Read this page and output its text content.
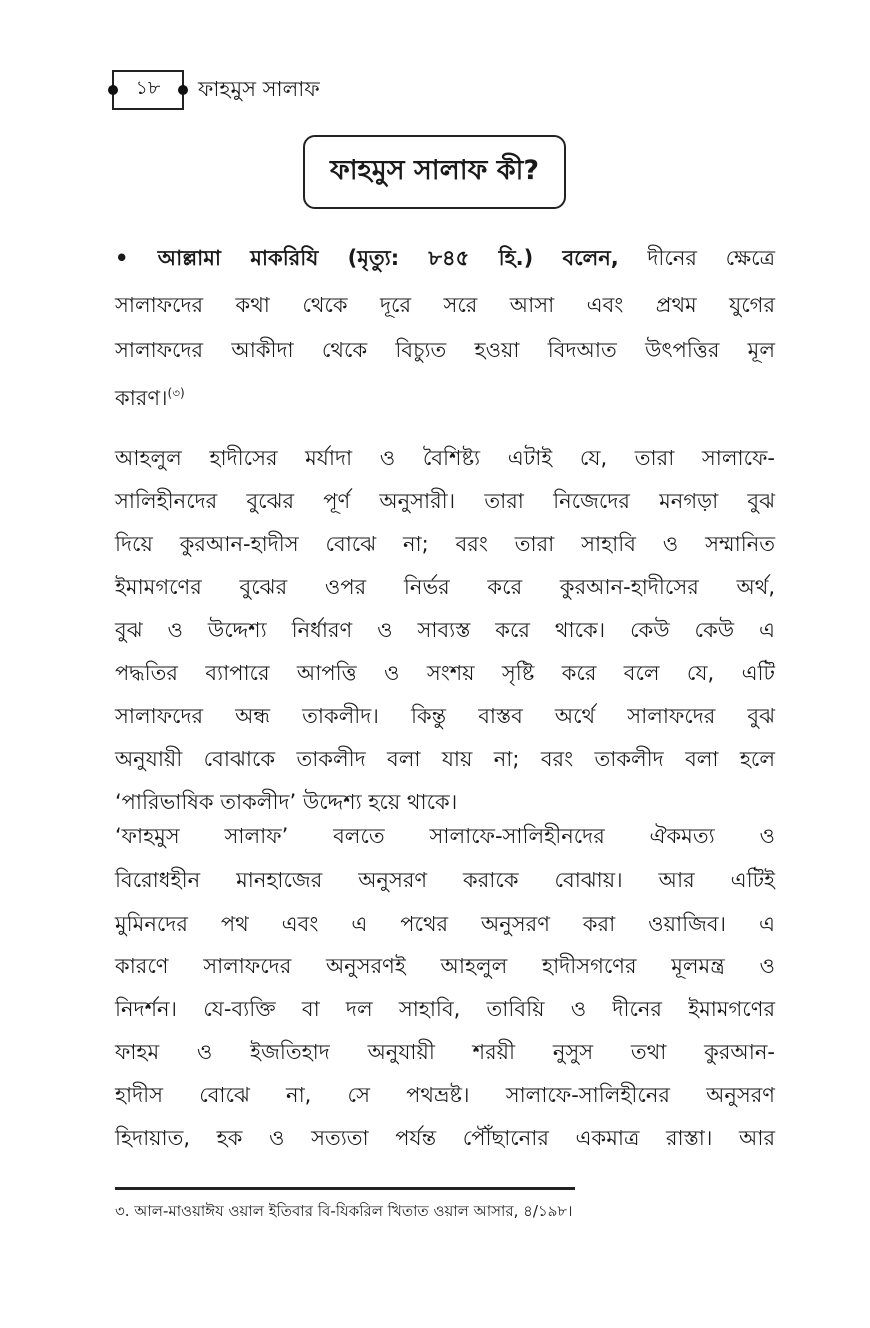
১৮ ফাহমুস সালাফ
ফাহমুস সালাফ কী?
• আল্লামা মাকরিযি (মৃত্যু: ৮৪৫ হি.) বলেন, দীনের ক্ষেত্রে
সালাফদের কথা থেকে দূরে সরে আসা এবং প্রথম যুগের
সালাফদের আকীদা থেকে বিচ্যুত হওয়া বিদআত উৎপত্তির মূল
কারণ।$^{(৩)}$
আহলুল হাদীসের মর্যাদা ও বৈশিষ্ট্য এটাই যে, তারা সালাফে-
সালিহীনদের বুঝের পূর্ণ অনুসারী। তারা নিজেদের মনগড়া বুঝ
দিয়ে কুরআন-হাদীস বোঝে না; বরং তারা সাহাবি ও সম্মানিত
ইমামগণের বুঝের ওপর নির্ভর করে কুরআন-হাদীসের অর্থ,
বুঝ ও উদ্দেশ্য নির্ধারণ ও সাব্যস্ত করে থাকে। কেউ কেউ এ
পদ্ধতির ব্যাপারে আপত্তি ও সংশয় সৃষ্টি করে বলে যে, এটি
সালাফদের অন্ধ তাকলীদ। কিন্তু বাস্তব অর্থে সালাফদের বুঝ
অনুযায়ী বোঝাকে তাকলীদ বলা যায় না; বরং তাকলীদ বলা হলে
‘পারিভাষিক তাকলীদ’ উদ্দেশ্য হয়ে থাকে।
‘ফাহমুস সালাফ’ বলতে সালাফে-সালিহীনদের ঐকমত্য ও
বিরোধহীন মানহাজের অনুসরণ করাকে বোঝায়। আর এটিই
মুমিনদের পথ এবং এ পথের অনুসরণ করা ওয়াজিব। এ
কারণে সালাফদের অনুসরণই আহলুল হাদীসগণের মূলমন্ত্র ও
নিদর্শন। যে-ব্যক্তি বা দল সাহাবি, তাবিয়ি ও দীনের ইমামগণের
ফাহম ও ইজতিহাদ অনুযায়ী শরয়ী নুসুস তথা কুরআন-
হাদীস বোঝে না, সে পথভ্রষ্ট। সালাফে-সালিহীনের অনুসরণ
হিদায়াত, হক ও সত্যতা পর্যন্ত পৌঁছানোর একমাত্র রাস্তা। আর
৩. আল-মাওয়াঈয ওয়াল ইতিবার বি-যিকরিল খিতাত ওয়াল আসার, ৪/১৯৮।
